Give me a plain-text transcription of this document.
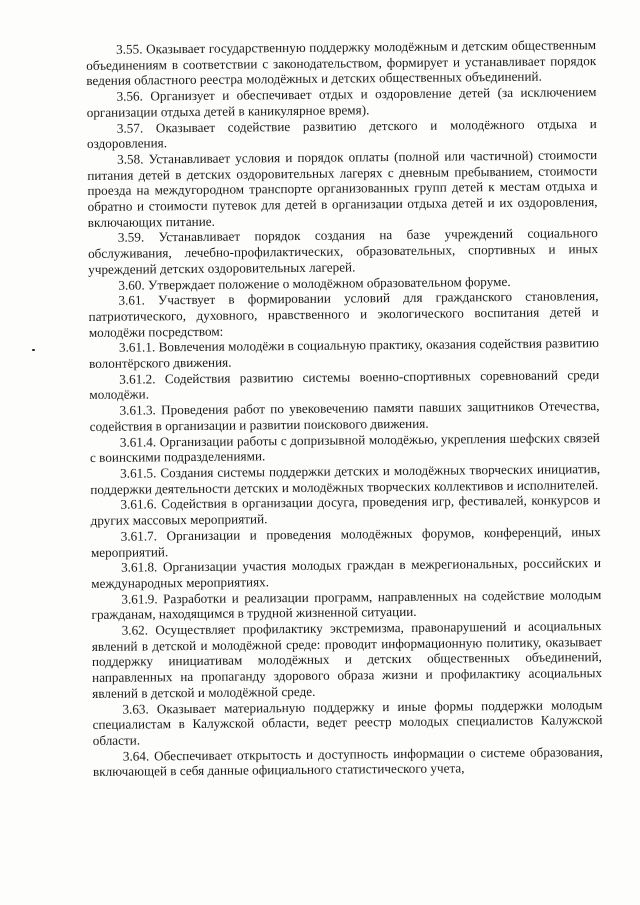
3.55. Оказывает государственную поддержку молодёжным и детским общественным объединениям в соответствии с законодательством, формирует и устанавливает порядок ведения областного реестра молодёжных и детских общественных объединений.

3.56. Организует и обеспечивает отдых и оздоровление детей (за исключением организации отдыха детей в каникулярное время).

3.57. Оказывает содействие развитию детского и молодёжного отдыха и оздоровления.

3.58. Устанавливает условия и порядок оплаты (полной или частичной) стоимости питания детей в детских оздоровительных лагерях с дневным пребыванием, стоимости проезда на междугородном транспорте организованных групп детей к местам отдыха и обратно и стоимости путевок для детей в организации отдыха детей и их оздоровления, включающих питание.

3.59. Устанавливает порядок создания на базе учреждений социального обслуживания, лечебно-профилактических, образовательных, спортивных и иных учреждений детских оздоровительных лагерей.

3.60. Утверждает положение о молодёжном образовательном форуме.

3.61. Участвует в формировании условий для гражданского становления, патриотического, духовного, нравственного и экологического воспитания детей и молодёжи посредством:

3.61.1. Вовлечения молодёжи в социальную практику, оказания содействия развитию волонтёрского движения.

3.61.2. Содействия развитию системы военно-спортивных соревнований среди молодёжи.

3.61.3. Проведения работ по увековечению памяти павших защитников Отечества, содействия в организации и развитии поискового движения.

3.61.4. Организации работы с допризывной молодёжью, укрепления шефских связей с воинскими подразделениями.

3.61.5. Создания системы поддержки детских и молодёжных творческих инициатив, поддержки деятельности детских и молодёжных творческих коллективов и исполнителей.

3.61.6. Содействия в организации досуга, проведения игр, фестивалей, конкурсов и других массовых мероприятий.

3.61.7. Организации и проведения молодёжных форумов, конференций, иных мероприятий.

3.61.8. Организации участия молодых граждан в межрегиональных, российских и международных мероприятиях.

3.61.9. Разработки и реализации программ, направленных на содействие молодым гражданам, находящимся в трудной жизненной ситуации.

3.62. Осуществляет профилактику экстремизма, правонарушений и асоциальных явлений в детской и молодёжной среде: проводит информационную политику, оказывает поддержку инициативам молодёжных и детских общественных объединений, направленных на пропаганду здорового образа жизни и профилактику асоциальных явлений в детской и молодёжной среде.

3.63. Оказывает материальную поддержку и иные формы поддержки молодым специалистам в Калужской области, ведет реестр молодых специалистов Калужской области.

3.64. Обеспечивает открытость и доступность информации о системе образования, включающей в себя данные официального статистического учета,
